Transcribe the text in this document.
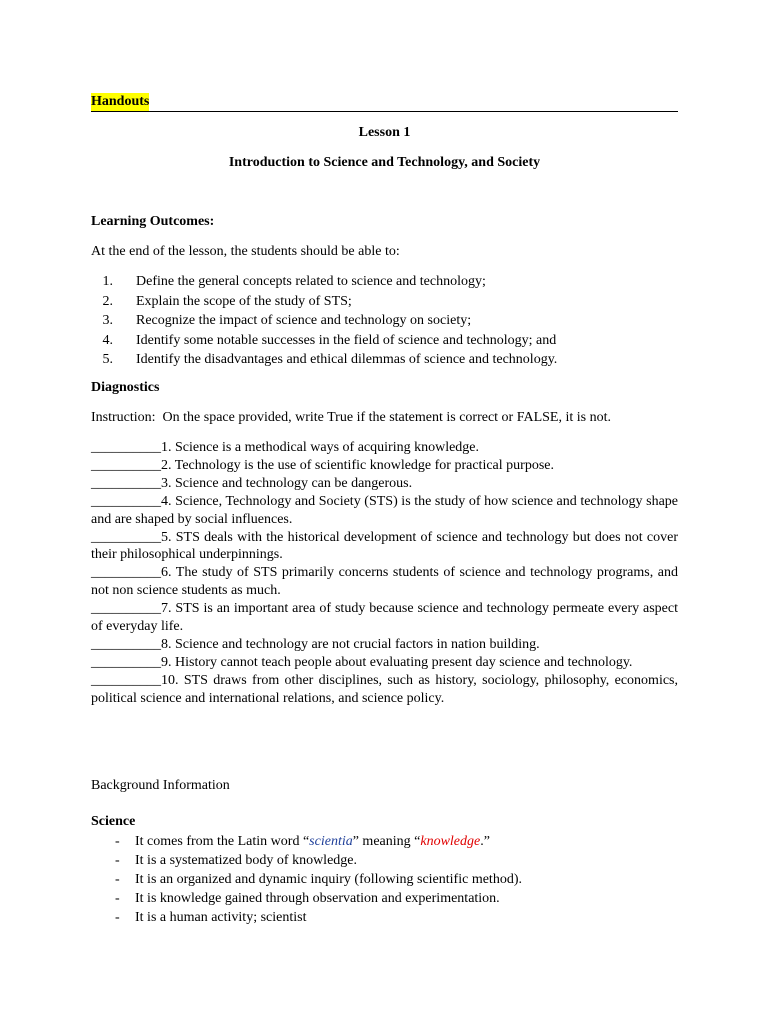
Handouts
Lesson 1
Introduction to Science and Technology, and Society
Learning Outcomes:
At the end of the lesson, the students should be able to:
1. Define the general concepts related to science and technology;
2. Explain the scope of the study of STS;
3. Recognize the impact of science and technology on society;
4. Identify some notable successes in the field of science and technology; and
5. Identify the disadvantages and ethical dilemmas of science and technology.
Diagnostics
Instruction:  On the space provided, write True if the statement is correct or FALSE, it is not.
__________1. Science is a methodical ways of acquiring knowledge.
__________2. Technology is the use of scientific knowledge for practical purpose.
__________3. Science and technology can be dangerous.
__________4. Science, Technology and Society (STS) is the study of how science and technology shape and are shaped by social influences.
__________5. STS deals with the historical development of science and technology but does not cover their philosophical underpinnings.
__________6. The study of STS primarily concerns students of science and technology programs, and not non science students as much.
__________7. STS is an important area of study because science and technology permeate every aspect of everyday life.
__________8. Science and technology are not crucial factors in nation building.
__________9. History cannot teach people about evaluating present day science and technology.
__________10. STS draws from other disciplines, such as history, sociology, philosophy, economics, political science and international relations, and science policy.
Background Information
Science
-	It comes from the Latin word “scientia” meaning “knowledge.”
-	It is a systematized body of knowledge.
-	It is an organized and dynamic inquiry (following scientific method).
-	It is knowledge gained through observation and experimentation.
-	It is a human activity; scientist
